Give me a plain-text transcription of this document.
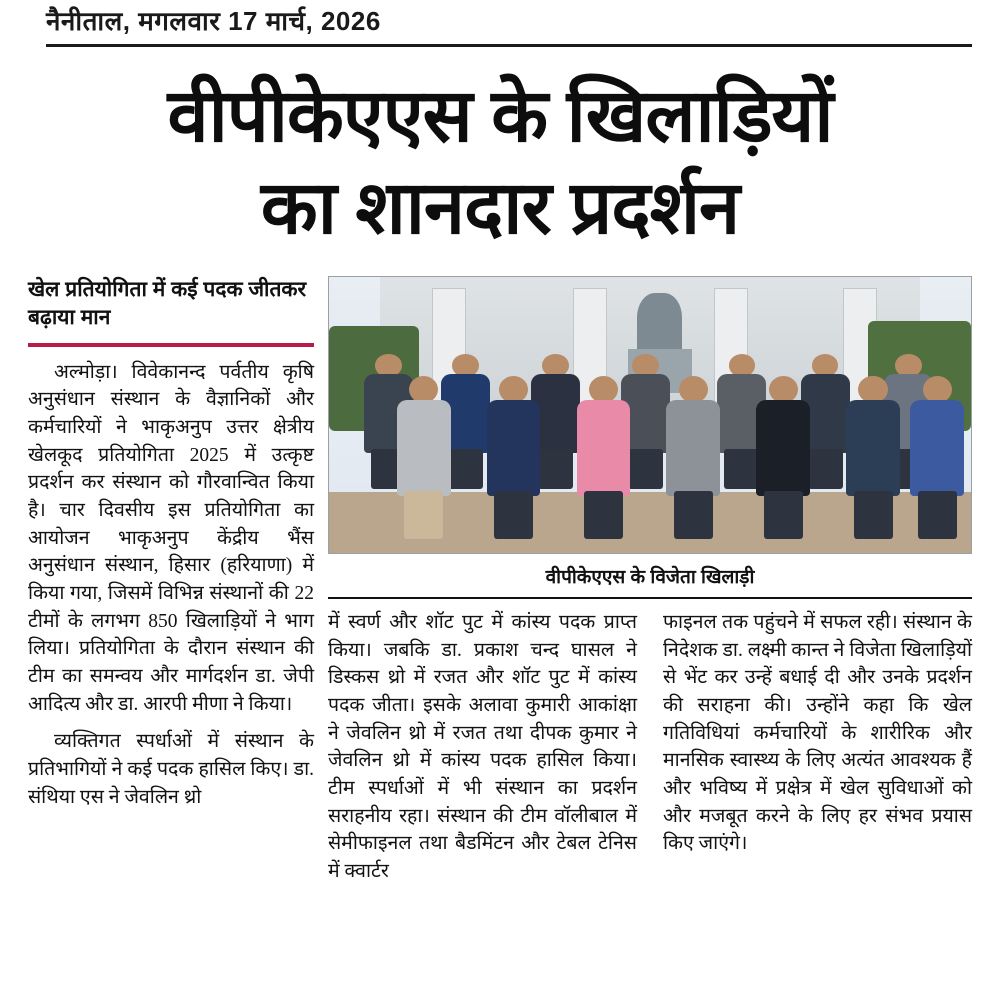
नैनीताल, मगलवार 17 मार्च, 2026
वीपीकेएएस के खिलाड़ियों
का शानदार प्रदर्शन
खेल प्रतियोगिता में कई पदक जीतकर बढ़ाया मान

अल्मोड़ा। विवेकानन्द पर्वतीय कृषि अनुसंधान संस्थान के वैज्ञानिकों और कर्मचारियों ने भाकृअनुप उत्तर क्षेत्रीय खेलकूद प्रतियोगिता 2025 में उत्कृष्ट प्रदर्शन कर संस्थान को गौरवान्वित किया है। चार दिवसीय इस प्रतियोगिता का आयोजन भाकृअनुप केंद्रीय भैंस अनुसंधान संस्थान, हिसार (हरियाणा) में किया गया, जिसमें विभिन्न संस्थानों की 22 टीमों के लगभग 850 खिलाड़ियों ने भाग लिया। प्रतियोगिता के दौरान संस्थान की टीम का समन्वय और मार्गदर्शन डा. जेपी आदित्य और डा. आरपी मीणा ने किया।

व्यक्तिगत स्पर्धाओं में संस्थान के प्रतिभागियों ने कई पदक हासिल किए। डा. संथिया एस ने जेवलिन थ्रो

वीपीकेएएस के विजेता खिलाड़ी

में स्वर्ण और शॉट पुट में कांस्य पदक प्राप्त किया। जबकि डा. प्रकाश चन्द घासल ने डिस्कस थ्रो में रजत और शॉट पुट में कांस्य पदक जीता। इसके अलावा कुमारी आकांक्षा ने जेवलिन थ्रो में रजत तथा दीपक कुमार ने जेवलिन थ्रो में कांस्य पदक हासिल किया। टीम स्पर्धाओं में भी संस्थान का प्रदर्शन सराहनीय रहा। संस्थान की टीम वॉलीबाल में सेमीफाइनल तथा बैडमिंटन और टेबल टेनिस में क्वार्टर

फाइनल तक पहुंचने में सफल रही। संस्थान के निदेशक डा. लक्ष्मी कान्त ने विजेता खिलाड़ियों से भेंट कर उन्हें बधाई दी और उनके प्रदर्शन की सराहना की। उन्होंने कहा कि खेल गतिविधियां कर्मचारियों के शारीरिक और मानसिक स्वास्थ्य के लिए अत्यंत आवश्यक हैं और भविष्य में प्रक्षेत्र में खेल सुविधाओं को और मजबूत करने के लिए हर संभव प्रयास किए जाएंगे।
